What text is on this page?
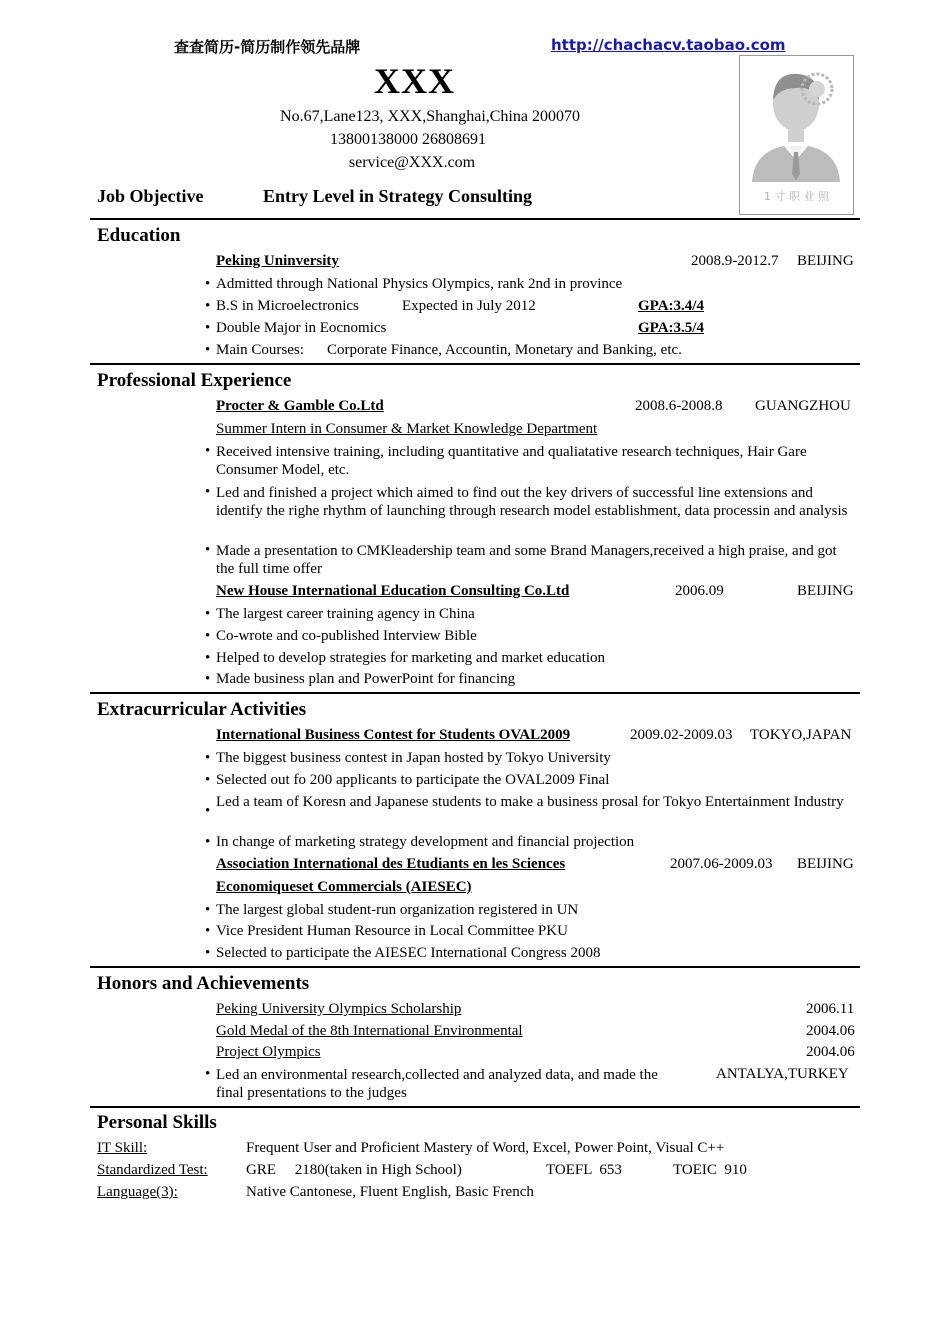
查查简历-简历制作领先品牌	http://chachacv.taobao.com
XXX
No.67,Lane123, XXX,Shanghai,China 200070
13800138000 26808691
service@XXX.com
1 寸 职 业 照
Job Objective	Entry Level in Strategy Consulting
Education
Peking Uninversity	2008.9-2012.7 BEIJING
• Admitted through National Physics Olympics, rank 2nd in province
• B.S in Microelectronics	Expected in July 2012	GPA:3.4/4
• Double Major in Eocnomics	GPA:3.5/4
• Main Courses: Corporate Finance, Accountin, Monetary and Banking, etc.
Professional Experience
Procter & Gamble Co.Ltd	2008.6-2008.8 GUANGZHOU
Summer Intern in Consumer & Market Knowledge Department
• Received intensive training, including quantitative and qualiatative research techniques, Hair Gare Consumer Model, etc.
• Led and finished a project which aimed to find out the key drivers of successful line extensions and identify the righe rhythm of launching through research model establishment, data processin and analysis
• Made a presentation to CMKleadership team and some Brand Managers,received a high praise, and got the full time offer
New House International Education Consulting Co.Ltd	2006.09	BEIJING
• The largest career training agency in China
• Co-wrote and co-published Interview Bible
• Helped to develop strategies for marketing and market education
• Made business plan and PowerPoint for financing
Extracurricular Activities
International Business Contest for Students OVAL2009	2009.02-2009.03 TOKYO,JAPAN
• The biggest business contest in Japan hosted by Tokyo University
• Selected out fo 200 applicants to participate the OVAL2009 Final
•
Led a team of Koresn and Japanese students to make a business prosal for Tokyo Entertainment Industry
• In change of marketing strategy development and financial projection
Association International des Etudiants en les Sciences	2007.06-2009.03 BEIJING
Economiqueset Commercials (AIESEC)
• The largest global student-run organization registered in UN
• Vice President Human Resource in Local Committee PKU
• Selected to participate the AIESEC International Congress 2008
Honors and Achievements
Peking University Olympics Scholarship	2006.11
Gold Medal of the 8th International Environmental	2004.06
Project Olympics	2004.06
• Led an environmental research,collected and analyzed data, and made the final presentations to the judges
ANTALYA,TURKEY
Personal Skills
IT Skill:	Frequent User and Proficient Mastery of Word, Excel, Power Point, Visual C++
Standardized Test:	GRE     2180(taken in High School)	TOEFL  653	TOEIC  910
Language(3):	Native Cantonese, Fluent English, Basic French
